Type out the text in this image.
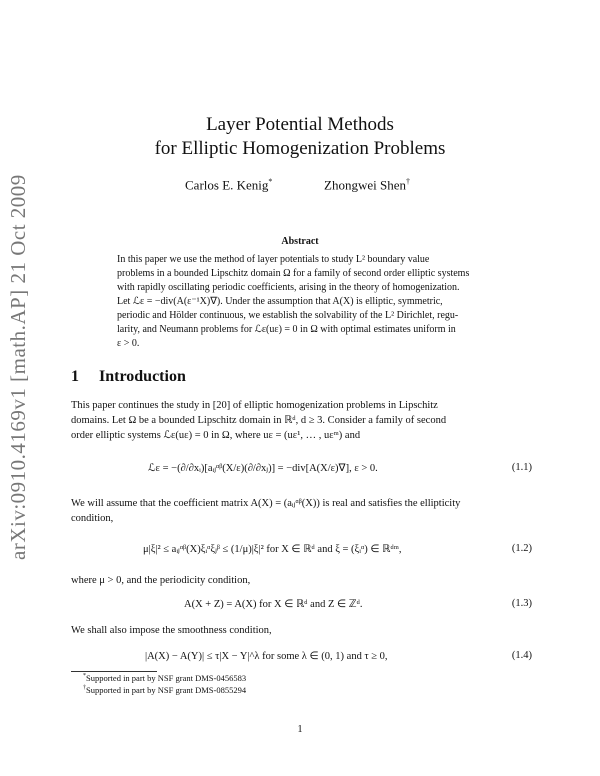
arXiv:0910.4169v1 [math.AP] 21 Oct 2009
Layer Potential Methods
for Elliptic Homogenization Problems
Carlos E. Kenig*	Zhongwei Shen†
Abstract

In this paper we use the method of layer potentials to study L² boundary value

problems in a bounded Lipschitz domain Ω for a family of second order elliptic systems

with rapidly oscillating periodic coefficients, arising in the theory of homogenization.

Let ℒε = −div(A(ε⁻¹X)∇). Under the assumption that A(X) is elliptic, symmetric,

periodic and Hölder continuous, we establish the solvability of the L² Dirichlet, regu-

larity, and Neumann problems for ℒε(uε) = 0 in Ω with optimal estimates uniform in

ε > 0.

1 Introduction

This paper continues the study in [20] of elliptic homogenization problems in Lipschitz

domains. Let Ω be a bounded Lipschitz domain in ℝᵈ, d ≥ 3. Consider a family of second

order elliptic systems ℒε(uε) = 0 in Ω, where uε = (uε¹, … , uεᵐ) and

ℒε = −(∂/∂xᵢ)[aᵢⱼᵅᵝ(X/ε)(∂/∂xⱼ)] = −div[A(X/ε)∇], ε > 0.	(1.1)

We will assume that the coefficient matrix A(X) = (aᵢⱼᵅᵝ(X)) is real and satisfies the ellipticity

condition,

μ|ξ|² ≤ aᵢⱼᵅᵝ(X)ξᵢᵅξⱼᵝ ≤ (1/μ)|ξ|² for X ∈ ℝᵈ and ξ = (ξᵢᵅ) ∈ ℝᵈᵐ,	(1.2)
where μ > 0, and the periodicity condition,
A(X + Z) = A(X) for X ∈ ℝᵈ and Z ∈ ℤᵈ.	(1.3)
We shall also impose the smoothness condition,
|A(X) − A(Y)| ≤ τ|X − Y|^λ for some λ ∈ (0, 1) and τ ≥ 0,	(1.4)
*Supported in part by NSF grant DMS-0456583
†Supported in part by NSF grant DMS-0855294
1
